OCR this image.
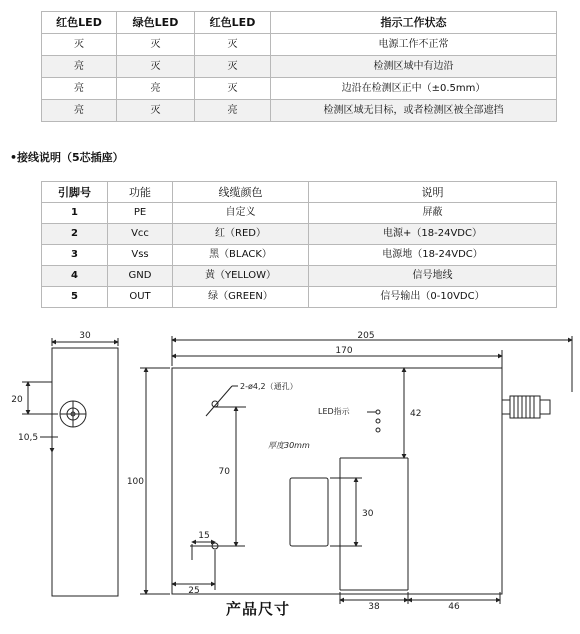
红色LED	绿色LED	红色LED	指示工作状态
灭	灭	灭	电源工作不正常
亮	灭	灭	检测区域中有边沿
亮	亮	灭	边沿在检测区正中（±0.5mm）
亮	灭	亮	检测区域无目标，或者检测区被全部遮挡
•接线说明（5芯插座）
引脚号	功能	线缆颜色	说明
1	PE	自定义	屏蔽
2	Vcc	红（RED）	电源+（18-24VDC）
3	Vss	黑（BLACK）	电源地（18-24VDC）
4	GND	黄（YELLOW）	信号地线
5	OUT	绿（GREEN）	信号输出（0-10VDC）
30
20
10,5
100
205
170
2-ø4,2（通孔）
LED指示	42
70
厚度30mm
15
25
30
38	46
产品尺寸
